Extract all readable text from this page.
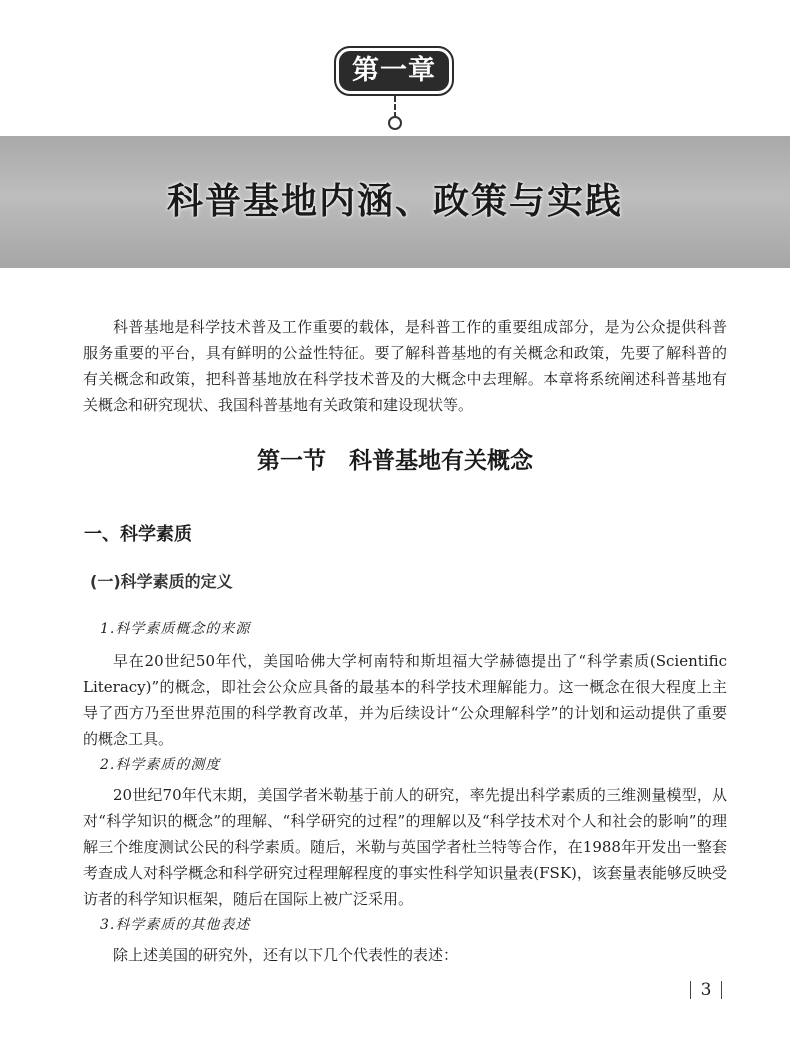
第一章
科普基地内涵、政策与实践

科普基地是科学技术普及工作重要的载体，是科普工作的重要组成部分，是为公众提供科普服务重要的平台，具有鲜明的公益性特征。要了解科普基地的有关概念和政策，先要了解科普的有关概念和政策，把科普基地放在科学技术普及的大概念中去理解。本章将系统阐述科普基地有关概念和研究现状、我国科普基地有关政策和建设现状等。

第一节　科普基地有关概念
一、科学素质
(一)科学素质的定义
1.科学素质概念的来源

早在20世纪50年代，美国哈佛大学柯南特和斯坦福大学赫德提出了“科学素质(Scientific Literacy)”的概念，即社会公众应具备的最基本的科学技术理解能力。这一概念在很大程度上主导了西方乃至世界范围的科学教育改革，并为后续设计“公众理解科学”的计划和运动提供了重要的概念工具。

2.科学素质的测度

20世纪70年代末期，美国学者米勒基于前人的研究，率先提出科学素质的三维测量模型，从对“科学知识的概念”的理解、“科学研究的过程”的理解以及“科学技术对个人和社会的影响”的理解三个维度测试公民的科学素质。随后，米勒与英国学者杜兰特等合作，在1988年开发出一整套考查成人对科学概念和科学研究过程理解程度的事实性科学知识量表(FSK)，该套量表能够反映受访者的科学知识框架，随后在国际上被广泛采用。

3.科学素质的其他表述

除上述美国的研究外，还有以下几个代表性的表述：

3
